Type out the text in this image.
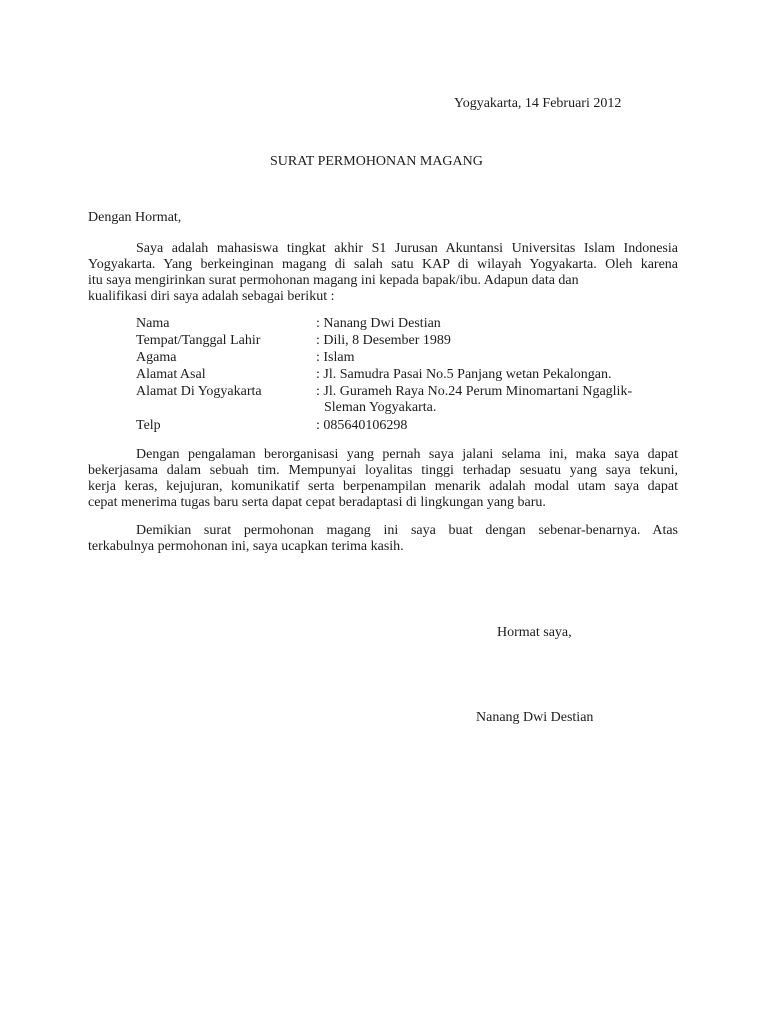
Yogyakarta, 14 Februari 2012
SURAT PERMOHONAN MAGANG
Dengan Hormat,
Saya adalah mahasiswa tingkat akhir S1 Jurusan Akuntansi Universitas Islam Indonesia
Yogyakarta. Yang berkeinginan magang di salah satu KAP di wilayah Yogyakarta. Oleh karena
itu saya mengirinkan surat permohonan magang ini kepada bapak/ibu. Adapun data dan
kualifikasi diri saya adalah sebagai berikut :
Nama	: Nanang Dwi Destian
Tempat/Tanggal Lahir	: Dili, 8 Desember 1989
Agama	: Islam
Alamat Asal	: Jl. Samudra Pasai No.5 Panjang wetan Pekalongan.
Alamat Di Yogyakarta	: Jl. Gurameh Raya No.24 Perum Minomartani Ngaglik-
Sleman Yogyakarta.
Telp	: 085640106298
Dengan pengalaman berorganisasi yang pernah saya jalani selama ini, maka saya dapat
bekerjasama dalam sebuah tim. Mempunyai loyalitas tinggi terhadap sesuatu yang saya tekuni,
kerja keras, kejujuran, komunikatif serta berpenampilan menarik adalah modal utam saya dapat
cepat menerima tugas baru serta dapat cepat beradaptasi di lingkungan yang baru.
Demikian surat permohonan magang ini saya buat dengan sebenar-benarnya. Atas
terkabulnya permohonan ini, saya ucapkan terima kasih.
Hormat saya,
Nanang Dwi Destian
